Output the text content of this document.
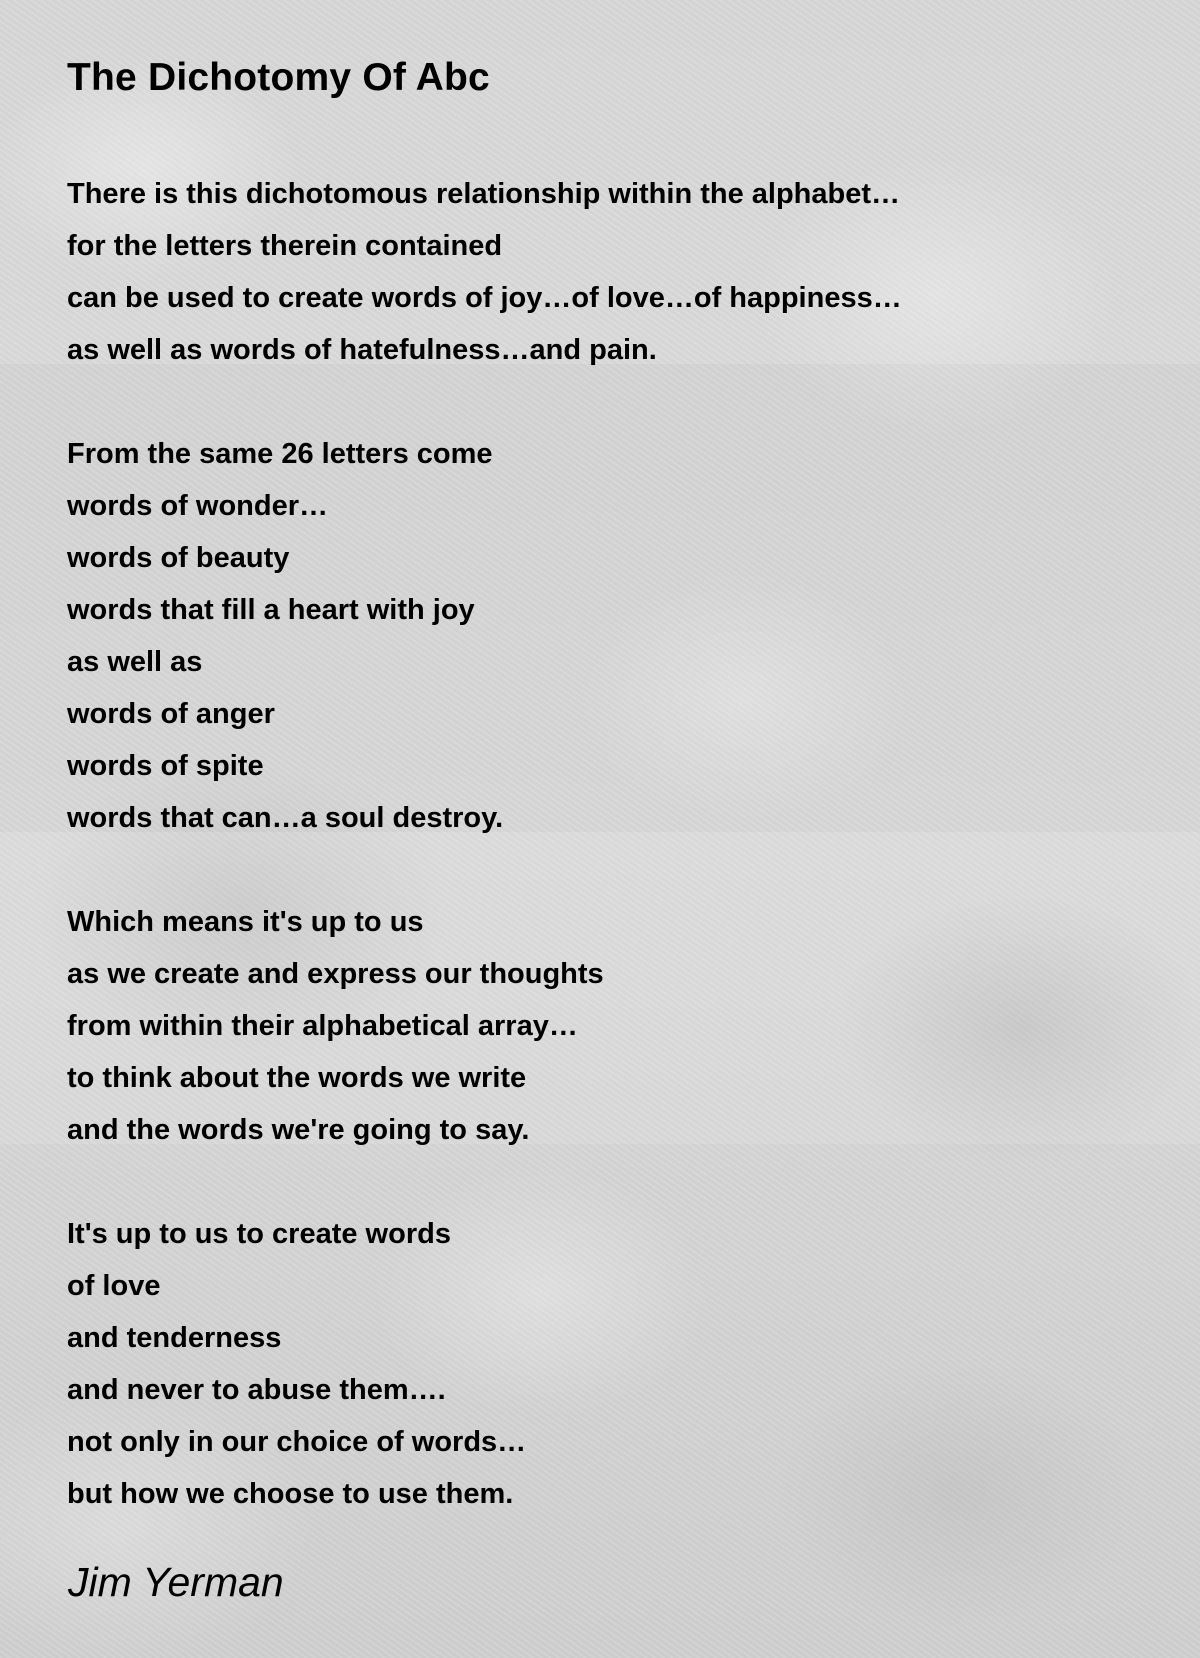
The Dichotomy Of Abc
There is this dichotomous relationship within the alphabet…
for the letters therein contained
can be used to create words of joy…of love…of happiness…
as well as words of hatefulness…and pain.
From the same 26 letters come
words of wonder…
words of beauty
words that fill a heart with joy
as well as
words of anger
words of spite
words that can…a soul destroy.
Which means it's up to us
as we create and express our thoughts
from within their alphabetical array…
to think about the words we write
and the words we're going to say.
It's up to us to create words
of love
and tenderness
and never to abuse them….
not only in our choice of words…
but how we choose to use them.
Jim Yerman
